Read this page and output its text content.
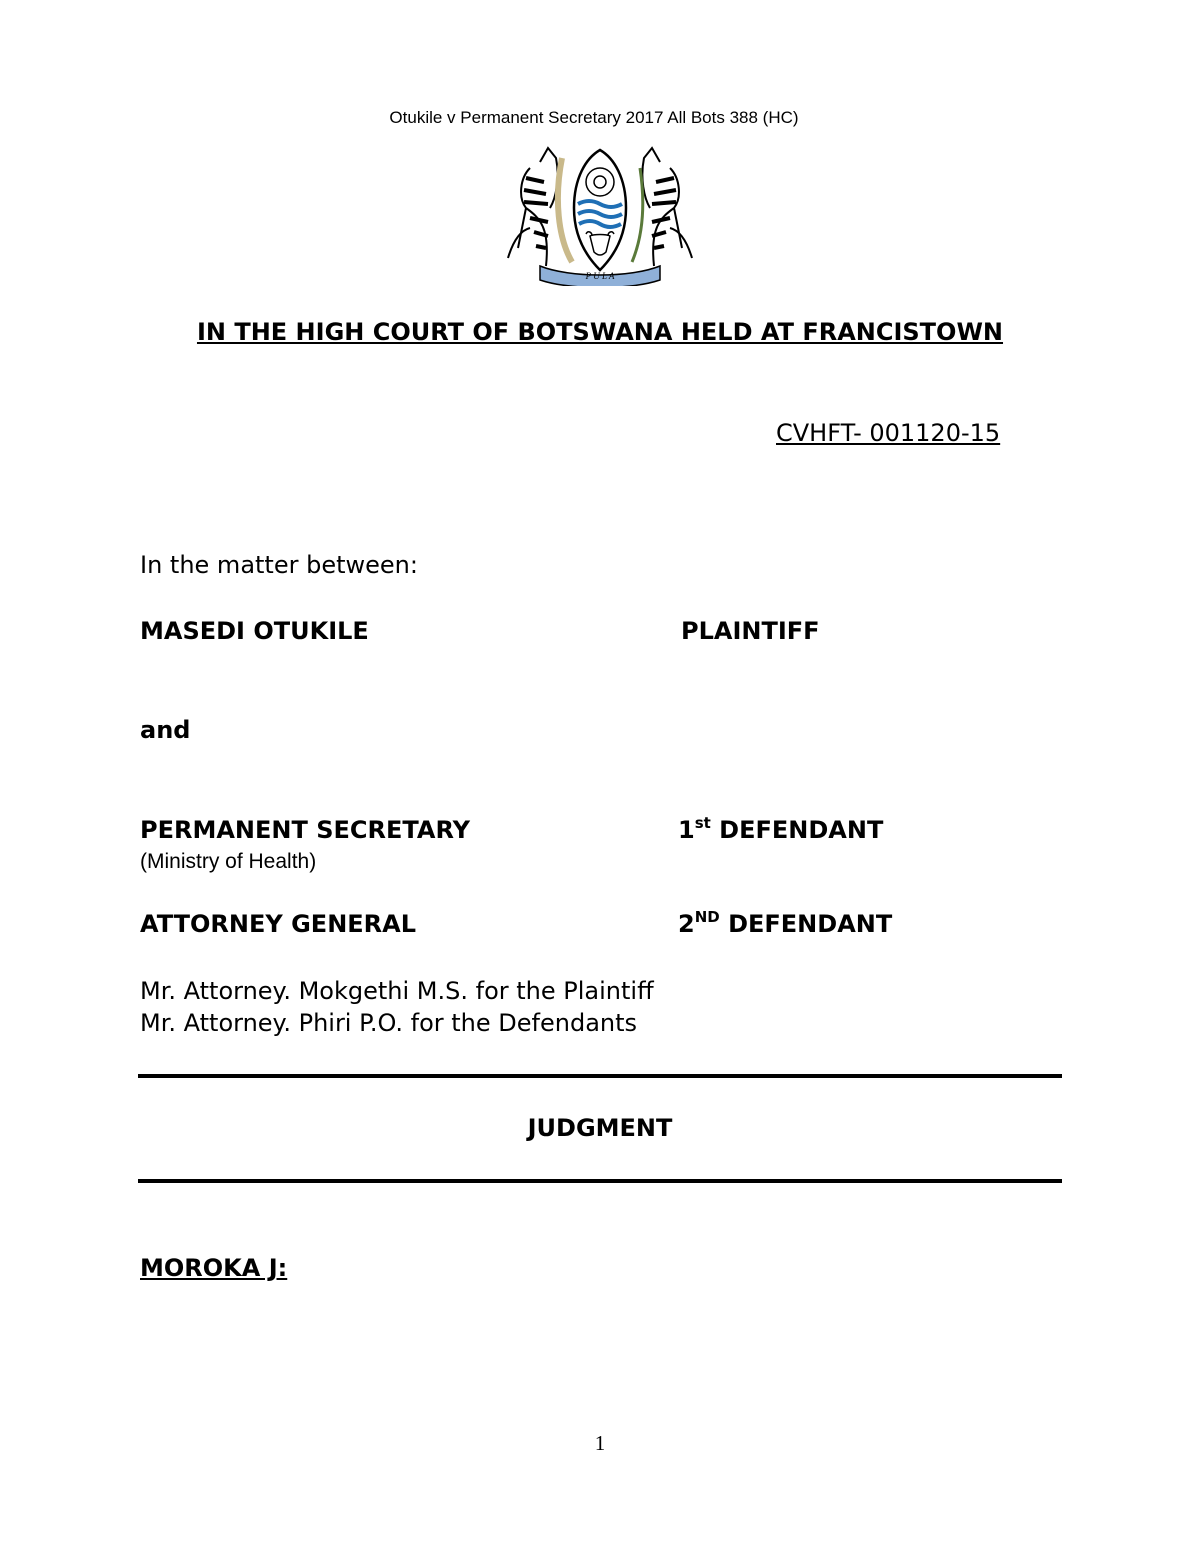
Otukile v Permanent Secretary 2017 All Bots 388 (HC)
P U L A
IN THE HIGH COURT OF BOTSWANA HELD AT FRANCISTOWN
CVHFT- 001120-15
In the matter between:
MASEDI OTUKILE	PLAINTIFF
and
PERMANENT SECRETARY
(Ministry of Health)
1st DEFENDANT
ATTORNEY GENERAL	2ND DEFENDANT
Mr. Attorney. Mokgethi M.S. for the Plaintiff
Mr. Attorney. Phiri P.O. for the Defendants
JUDGMENT
MOROKA J:
1
